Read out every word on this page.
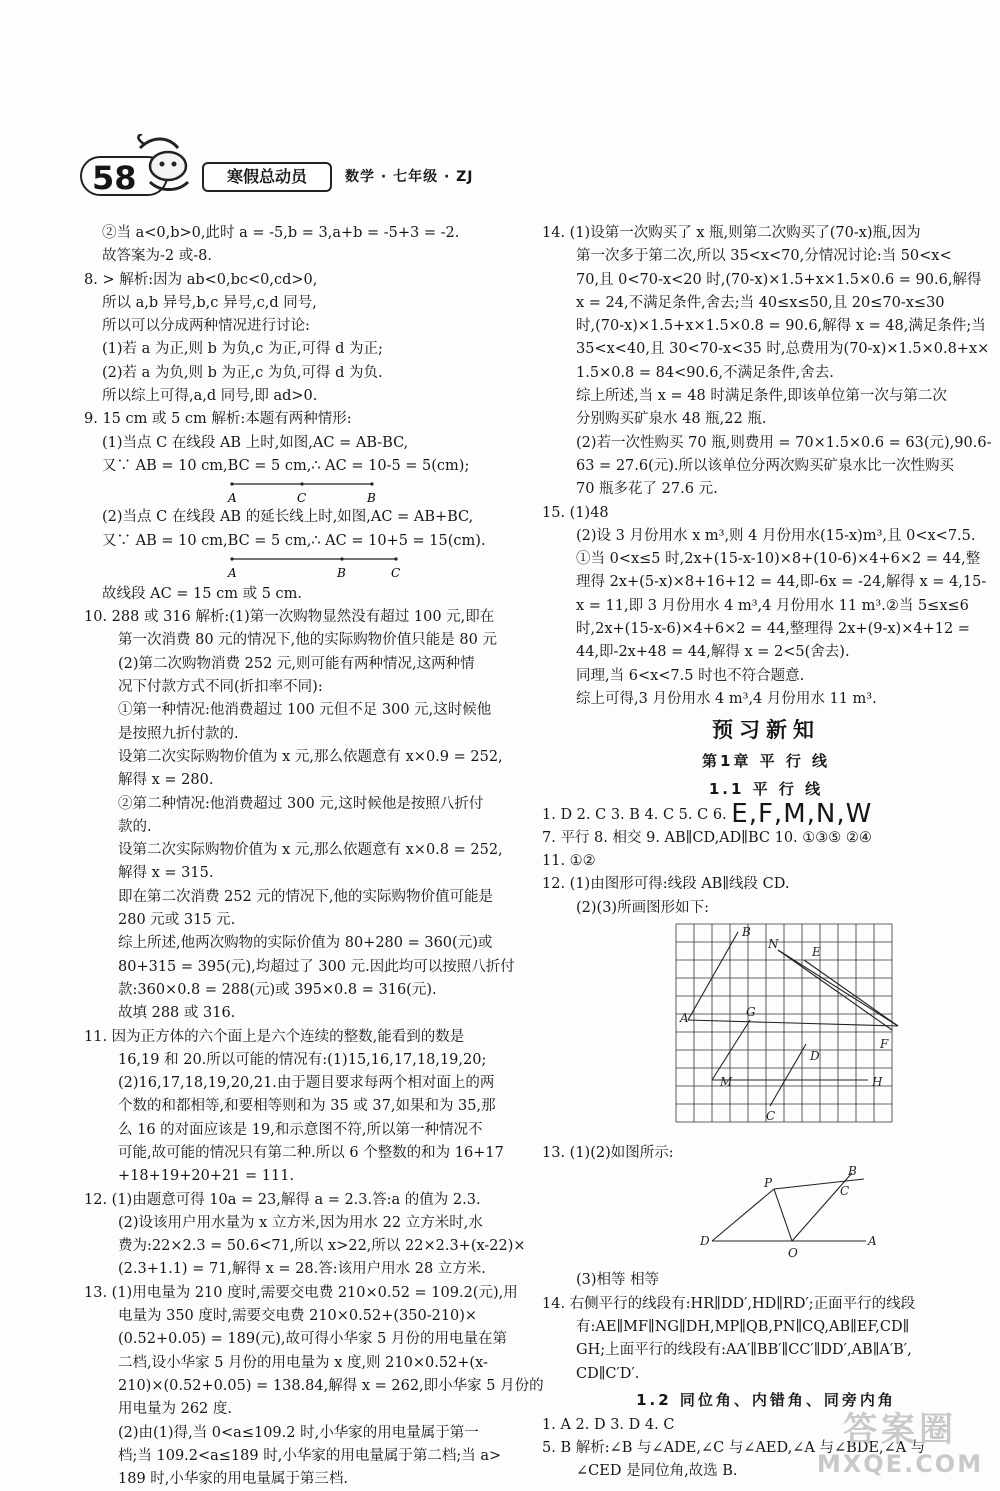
58	寒假总动员	数学 · 七年级 · ZJ
②当 a<0,b>0,此时 a = -5,b = 3,a+b = -5+3 = -2.
故答案为-2 或-8.
8. > 解析:因为 ab<0,bc<0,cd>0,
所以 a,b 异号,b,c 异号,c,d 同号,
所以可以分成两种情况进行讨论:
(1)若 a 为正,则 b 为负,c 为正,可得 d 为正;
(2)若 a 为负,则 b 为正,c 为负,可得 d 为负.
所以综上可得,a,d 同号,即 ad>0.
9. 15 cm 或 5 cm 解析:本题有两种情形:
(1)当点 C 在线段 AB 上时,如图,AC = AB-BC,
又∵ AB = 10 cm,BC = 5 cm,∴ AC = 10-5 = 5(cm);
A	C	B
(2)当点 C 在线段 AB 的延长线上时,如图,AC = AB+BC,
又∵ AB = 10 cm,BC = 5 cm,∴ AC = 10+5 = 15(cm).
A	B	C
故线段 AC = 15 cm 或 5 cm.
10. 288 或 316 解析:(1)第一次购物显然没有超过 100 元,即在
第一次消费 80 元的情况下,他的实际购物价值只能是 80 元
(2)第二次购物消费 252 元,则可能有两种情况,这两种情
况下付款方式不同(折扣率不同):
①第一种情况:他消费超过 100 元但不足 300 元,这时候他
是按照九折付款的.
设第二次实际购物价值为 x 元,那么依题意有 x×0.9 = 252,
解得 x = 280.
②第二种情况:他消费超过 300 元,这时候他是按照八折付
款的.
设第二次实际购物价值为 x 元,那么依题意有 x×0.8 = 252,
解得 x = 315.
即在第二次消费 252 元的情况下,他的实际购物价值可能是
280 元或 315 元.
综上所述,他两次购物的实际价值为 80+280 = 360(元)或
80+315 = 395(元),均超过了 300 元.因此均可以按照八折付
款:360×0.8 = 288(元)或 395×0.8 = 316(元).
故填 288 或 316.
11. 因为正方体的六个面上是六个连续的整数,能看到的数是
16,19 和 20.所以可能的情况有:(1)15,16,17,18,19,20;
(2)16,17,18,19,20,21.由于题目要求每两个相对面上的两
个数的和都相等,和要相等则和为 35 或 37,如果和为 35,那
么 16 的对面应该是 19,和示意图不符,所以第一种情况不
可能,故可能的情况只有第二种.所以 6 个整数的和为 16+17
+18+19+20+21 = 111.
12. (1)由题意可得 10a = 23,解得 a = 2.3.答:a 的值为 2.3.
(2)设该用户用水量为 x 立方米,因为用水 22 立方米时,水
费为:22×2.3 = 50.6<71,所以 x>22,所以 22×2.3+(x-22)×
(2.3+1.1) = 71,解得 x = 28.答:该用户用水 28 立方米.
13. (1)用电量为 210 度时,需要交电费 210×0.52 = 109.2(元),用
电量为 350 度时,需要交电费 210×0.52+(350-210)×
(0.52+0.05) = 189(元),故可得小华家 5 月份的用电量在第
二档,设小华家 5 月份的用电量为 x 度,则 210×0.52+(x-
210)×(0.52+0.05) = 138.84,解得 x = 262,即小华家 5 月份的
用电量为 262 度.
(2)由(1)得,当 0<a≤109.2 时,小华家的用电量属于第一
档;当 109.2<a≤189 时,小华家的用电量属于第二档;当 a>
189 时,小华家的用电量属于第三档.
14. (1)设第一次购买了 x 瓶,则第二次购买了(70-x)瓶,因为
第一次多于第二次,所以 35<x<70,分情况讨论:当 50<x<
70,且 0<70-x<20 时,(70-x)×1.5+x×1.5×0.6 = 90.6,解得
x = 24,不满足条件,舍去;当 40≤x≤50,且 20≤70-x≤30
时,(70-x)×1.5+x×1.5×0.8 = 90.6,解得 x = 48,满足条件;当
35<x<40,且 30<70-x<35 时,总费用为(70-x)×1.5×0.8+x×
1.5×0.8 = 84<90.6,不满足条件,舍去.
综上所述,当 x = 48 时满足条件,即该单位第一次与第二次
分别购买矿泉水 48 瓶,22 瓶.
(2)若一次性购买 70 瓶,则费用 = 70×1.5×0.6 = 63(元),90.6-
63 = 27.6(元).所以该单位分两次购买矿泉水比一次性购买
70 瓶多花了 27.6 元.
15. (1)48
(2)设 3 月份用水 x m³,则 4 月份用水(15-x)m³,且 0<x<7.5.
①当 0<x≤5 时,2x+(15-x-10)×8+(10-6)×4+6×2 = 44,整
理得 2x+(5-x)×8+16+12 = 44,即-6x = -24,解得 x = 4,15-
x = 11,即 3 月份用水 4 m³,4 月份用水 11 m³.②当 5≤x≤6
时,2x+(15-x-6)×4+6×2 = 44,整理得 2x+(9-x)×4+12 =
44,即-2x+48 = 44,解得 x = 2<5(舍去).
同理,当 6<x<7.5 时也不符合题意.
综上可得,3 月份用水 4 m³,4 月份用水 11 m³.
预习新知
第1章 平 行 线
1.1 平 行 线
1. D 2. C 3. B 4. C 5. C 6. E,F,M,N,W
7. 平行 8. 相交 9. AB∥CD,AD∥BC 10. ①③⑤ ②④
11. ①②
12. (1)由图形可得:线段 AB∥线段 CD.
(2)(3)所画图形如下:
B
N
E
A	G
F
D
M	H
C
13. (1)(2)如图所示:
B
P
C
D
O
A
(3)相等 相等
14. 右侧平行的线段有:HR∥DD′,HD∥RD′;正面平行的线段
有:AE∥MF∥NG∥DH,MP∥QB,PN∥CQ,AB∥EF,CD∥
GH;上面平行的线段有:AA′∥BB′∥CC′∥DD′,AB∥A′B′,
CD∥C′D′.
1.2 同位角、内错角、同旁内角
1. A 2. D 3. D 4. C
5. B 解析:∠B 与∠ADE,∠C 与∠AED,∠A 与∠BDE,∠A 与
∠CED 是同位角,故选 B.
答案圈
MXQE.COM
